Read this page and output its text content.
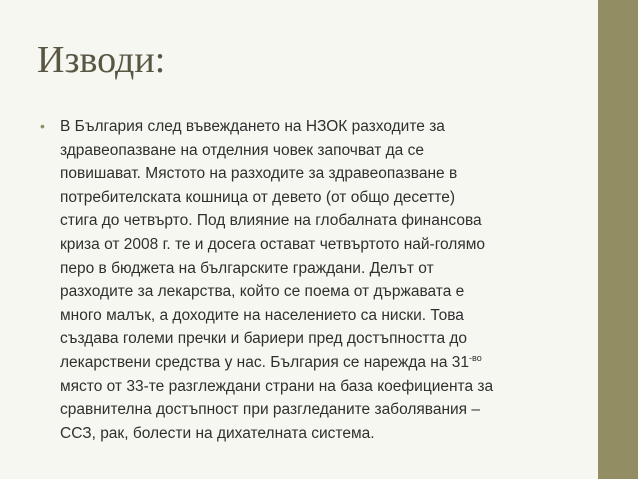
Изводи:
• В България след въвеждането на НЗОК разходите за
здравеопазване на отделния човек започват да се
повишават. Мястото на разходите за здравеопазване в
потребителската кошница от девето (от общо десетте)
стига до четвърто. Под влияние на глобалната финансова
криза от 2008 г. те и досега остават четвъртото най-голямо
перо в бюджета на българските граждани. Делът от
разходите за лекарства, който се поема от държавата е
много малък, а доходите на населението са ниски. Това
създава големи пречки и бариери пред достъпността до
лекарствени средства у нас. България се нарежда на $31^{-во}$
място от 33-те разглеждани страни на база коефициента за
сравнителна достъпност при разгледаните заболявания –
ССЗ, рак, болести на дихателната система.
